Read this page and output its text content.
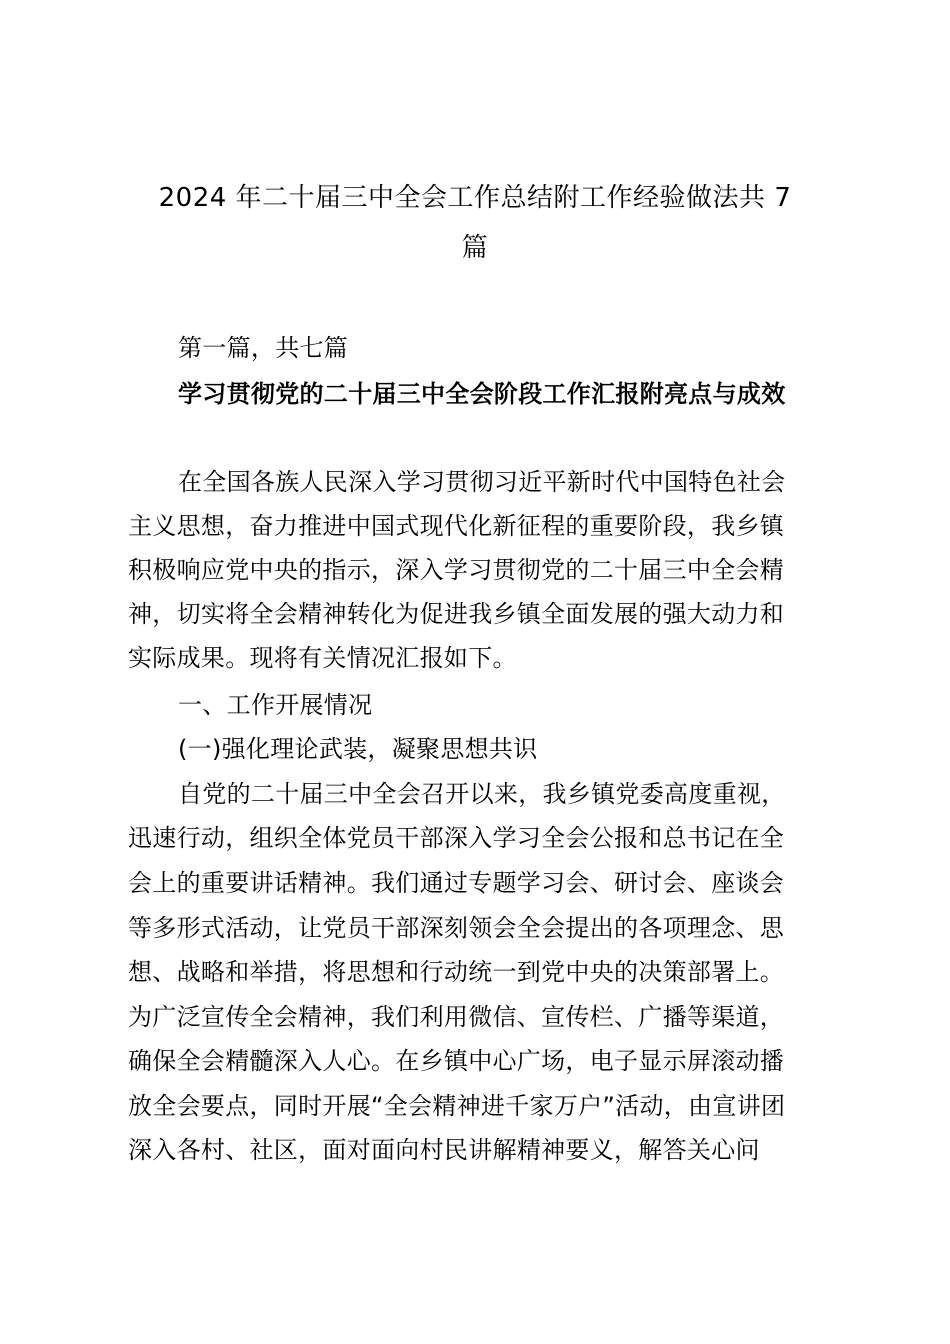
2024 年二十届三中全会工作总结附工作经验做法共 7
篇
第一篇，共七篇
学习贯彻党的二十届三中全会阶段工作汇报附亮点与成效
在全国各族人民深入学习贯彻习近平新时代中国特色社会
主义思想，奋力推进中国式现代化新征程的重要阶段，我乡镇
积极响应党中央的指示，深入学习贯彻党的二十届三中全会精
神，切实将全会精神转化为促进我乡镇全面发展的强大动力和
实际成果。现将有关情况汇报如下。
一、工作开展情况
(一)强化理论武装，凝聚思想共识
自党的二十届三中全会召开以来，我乡镇党委高度重视，
迅速行动，组织全体党员干部深入学习全会公报和总书记在全
会上的重要讲话精神。我们通过专题学习会、研讨会、座谈会
等多形式活动，让党员干部深刻领会全会提出的各项理念、思
想、战略和举措，将思想和行动统一到党中央的决策部署上。
为广泛宣传全会精神，我们利用微信、宣传栏、广播等渠道，
确保全会精髓深入人心。在乡镇中心广场，电子显示屏滚动播
放全会要点，同时开展“全会精神进千家万户”活动，由宣讲团
深入各村、社区，面对面向村民讲解精神要义，解答关心问
